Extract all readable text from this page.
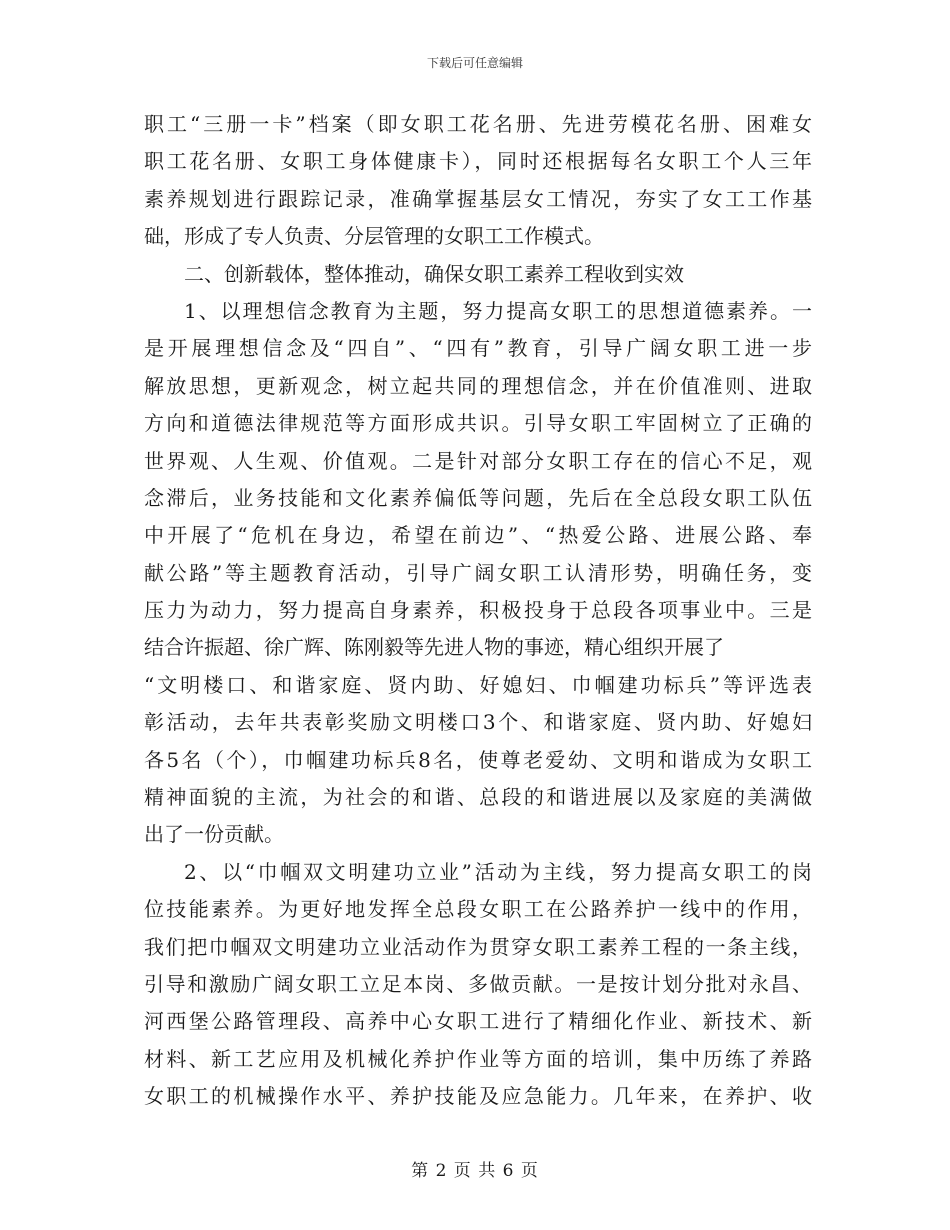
下载后可任意编辑
职工“三册一卡”档案（即女职工花名册、先进劳模花名册、困难女
职工花名册、女职工身体健康卡），同时还根据每名女职工个人三年
素养规划进行跟踪记录，准确掌握基层女工情况，夯实了女工工作基
础，形成了专人负责、分层管理的女职工工作模式。
二、创新载体，整体推动，确保女职工素养工程收到实效
1、以理想信念教育为主题，努力提高女职工的思想道德素养。一
是开展理想信念及“四自”、“四有”教育，引导广阔女职工进一步
解放思想，更新观念，树立起共同的理想信念，并在价值准则、进取
方向和道德法律规范等方面形成共识。引导女职工牢固树立了正确的
世界观、人生观、价值观。二是针对部分女职工存在的信心不足，观
念滞后，业务技能和文化素养偏低等问题，先后在全总段女职工队伍
中开展了“危机在身边，希望在前边”、“热爱公路、进展公路、奉
献公路”等主题教育活动，引导广阔女职工认清形势，明确任务，变
压力为动力，努力提高自身素养，积极投身于总段各项事业中。三是
结合许振超、徐广辉、陈刚毅等先进人物的事迹，精心组织开展了
“文明楼口、和谐家庭、贤内助、好媳妇、巾帼建功标兵”等评选表
彰活动，去年共表彰奖励文明楼口3个、和谐家庭、贤内助、好媳妇
各5名（个），巾帼建功标兵8名，使尊老爱幼、文明和谐成为女职工
精神面貌的主流，为社会的和谐、总段的和谐进展以及家庭的美满做
出了一份贡献。
2、以“巾帼双文明建功立业”活动为主线，努力提高女职工的岗
位技能素养。为更好地发挥全总段女职工在公路养护一线中的作用，
我们把巾帼双文明建功立业活动作为贯穿女职工素养工程的一条主线，
引导和激励广阔女职工立足本岗、多做贡献。一是按计划分批对永昌、
河西堡公路管理段、高养中心女职工进行了精细化作业、新技术、新
材料、新工艺应用及机械化养护作业等方面的培训，集中历练了养路
女职工的机械操作水平、养护技能及应急能力。几年来，在养护、收
第 2 页 共 6 页
